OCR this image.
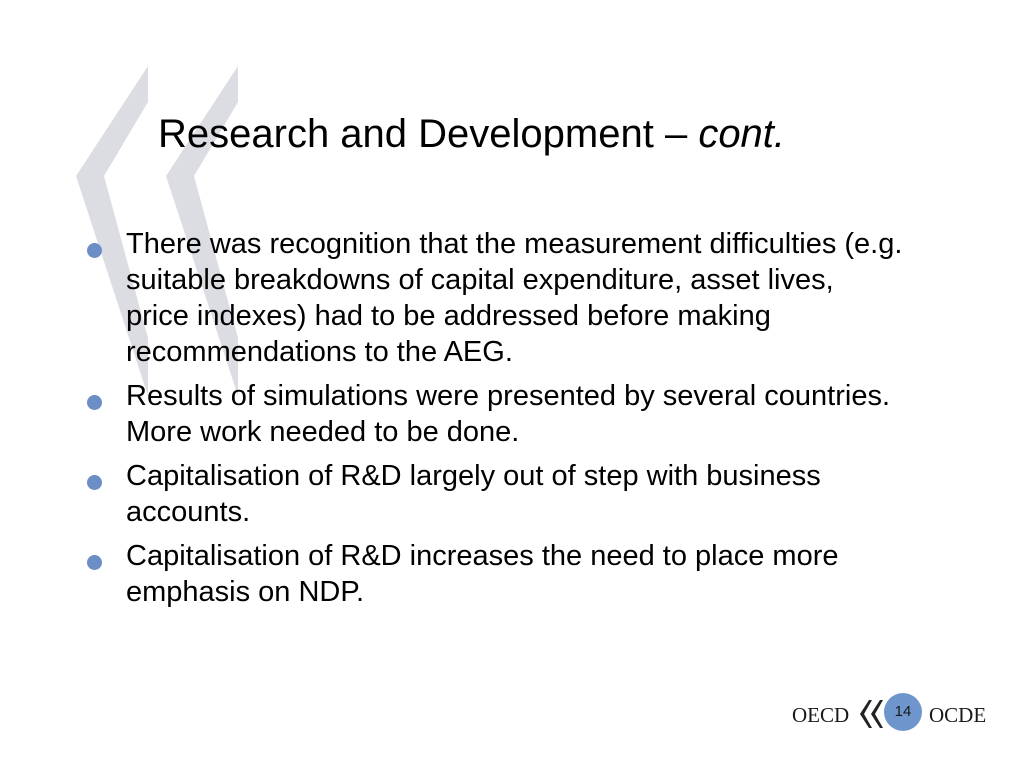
Research and Development – cont.
There was recognition that the measurement difficulties (e.g. suitable breakdowns of capital expenditure, asset lives, price indexes) had to be addressed before making recommendations to the AEG.
Results of simulations were presented by several countries. More work needed to be done.
Capitalisation of R&D largely out of step with business accounts.
Capitalisation of R&D increases the need to place more emphasis on NDP.
OECD	14 OCDE
